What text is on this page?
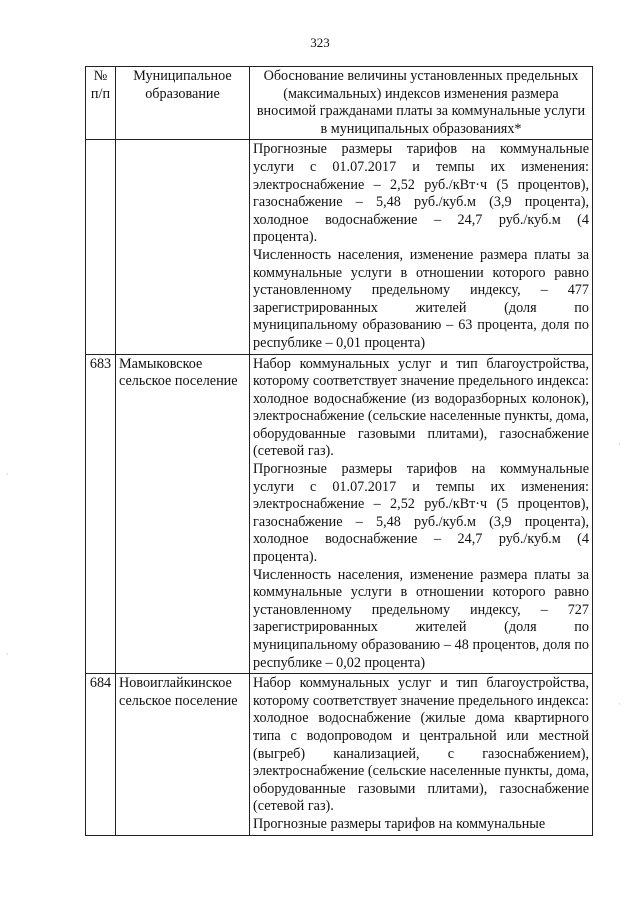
323
№ п/п	Муниципальное образование	Обоснование величины установленных предельных (максимальных) индексов изменения размера вносимой гражданами платы за коммунальные услуги в муниципальных образованиях*

		Прогнозные размеры тарифов на коммунальные услуги с 01.07.2017 и темпы их изменения: электроснабжение – 2,52 руб./кВт·ч (5 процентов), газоснабжение – 5,48 руб./куб.м (3,9 процента), холодное водоснабжение – 24,7 руб./куб.м (4 процента).

Численность населения, изменение размера платы за коммунальные услуги в отношении которого равно установленному предельному индексу, – 477 зарегистрированных жителей (доля по муниципальному образованию – 63 процента, доля по республике – 0,01 процента)

683	Мамыковское сельское поселение	Набор коммунальных услуг и тип благоустройства, которому соответствует значение предельного индекса: холодное водоснабжение (из водоразборных колонок), электроснабжение (сельские населенные пункты, дома, оборудованные газовыми плитами), газоснабжение (сетевой газ).

Прогнозные размеры тарифов на коммунальные услуги с 01.07.2017 и темпы их изменения: электроснабжение – 2,52 руб./кВт·ч (5 процентов), газоснабжение – 5,48 руб./куб.м (3,9 процента), холодное водоснабжение – 24,7 руб./куб.м (4 процента).

Численность населения, изменение размера платы за коммунальные услуги в отношении которого равно установленному предельному индексу, – 727 зарегистрированных жителей (доля по муниципальному образованию – 48 процентов, доля по республике – 0,02 процента)

684	Новоиглайкинское сельское поселение	Набор коммунальных услуг и тип благоустройства, которому соответствует значение предельного индекса: холодное водоснабжение (жилые дома квартирного типа с водопроводом и центральной или местной (выгреб) канализацией, с газоснабжением), электроснабжение (сельские населенные пункты, дома, оборудованные газовыми плитами), газоснабжение (сетевой газ).

Прогнозные размеры тарифов на коммунальные

·
·
·
·
